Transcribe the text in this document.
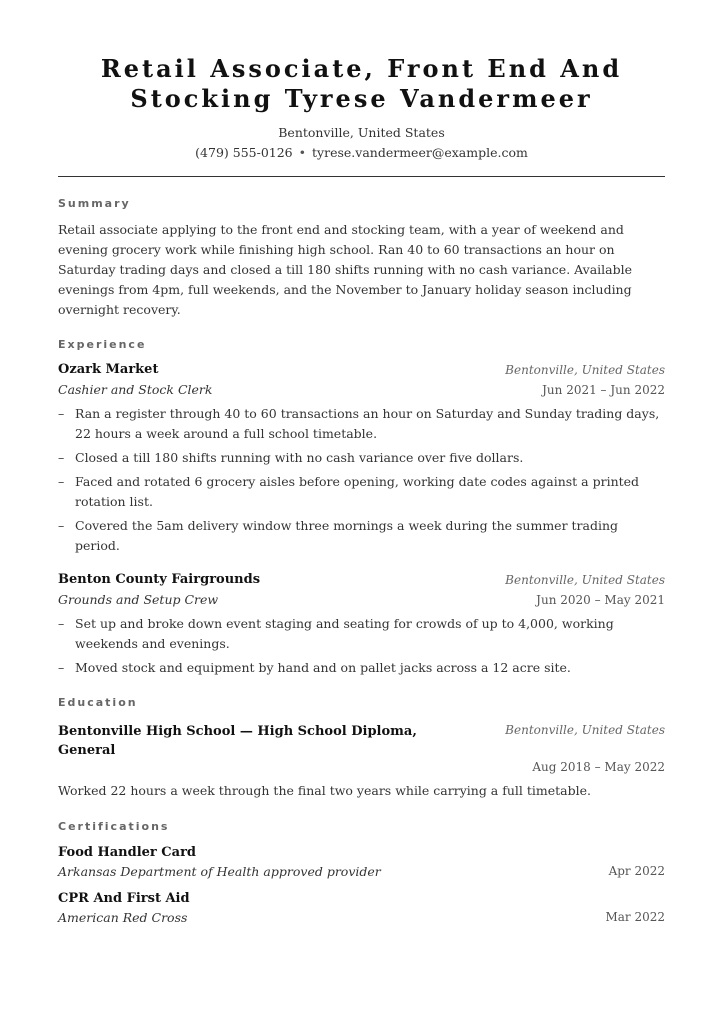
Retail Associate, Front End And
Stocking Tyrese Vandermeer
Bentonville, United States
(479) 555-0126 • tyrese.vandermeer@example.com
Summary
Retail associate applying to the front end and stocking team, with a year of weekend and evening grocery work while finishing high school. Ran 40 to 60 transactions an hour on Saturday trading days and closed a till 180 shifts running with no cash variance. Available evenings from 4pm, full weekends, and the November to January holiday season including overnight recovery.
Experience
Ozark Market	Bentonville, United States
Cashier and Stock Clerk	Jun 2021 – Jun 2022
– Ran a register through 40 to 60 transactions an hour on Saturday and Sunday trading days, 22 hours a week around a full school timetable.
– Closed a till 180 shifts running with no cash variance over five dollars.
– Faced and rotated 6 grocery aisles before opening, working date codes against a printed rotation list.
– Covered the 5am delivery window three mornings a week during the summer trading period.
Benton County Fairgrounds	Bentonville, United States
Grounds and Setup Crew	Jun 2020 – May 2021
– Set up and broke down event staging and seating for crowds of up to 4,000, working weekends and evenings.
– Moved stock and equipment by hand and on pallet jacks across a 12 acre site.
Education
Bentonville High School — High School Diploma,
General
Bentonville, United States
Aug 2018 – May 2022
Worked 22 hours a week through the final two years while carrying a full timetable.
Certifications
Food Handler Card
Arkansas Department of Health approved provider	Apr 2022
CPR And First Aid
American Red Cross	Mar 2022
